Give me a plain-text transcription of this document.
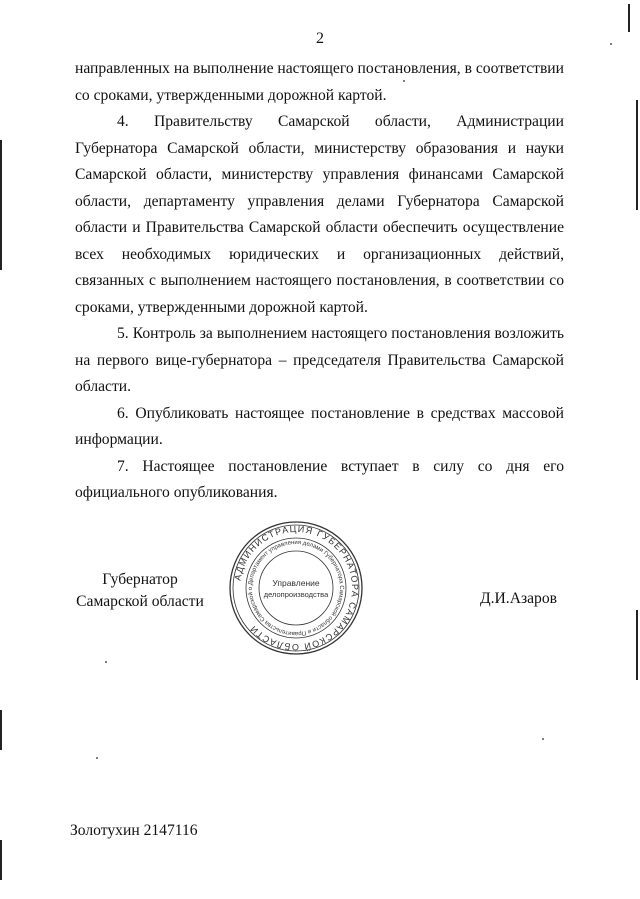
2

направленных на выполнение настоящего постановления, в соответствии со сроками, утвержденными дорожной картой.

4. Правительству Самарской области, Администрации Губернатора Самарской области, министерству образования и науки Самарской области, министерству управления финансами Самарской области, департаменту управления делами Губернатора Самарской области и Правительства Самарской области обеспечить осуществление всех необходимых юридических и организационных действий, связанных с выполнением настоящего постановления, в соответствии со сроками, утвержденными дорожной картой.

5. Контроль за выполнением настоящего постановления возложить на первого вице-губернатора – председателя Правительства Самарской области.

6. Опубликовать настоящее постановление в средствах массовой информации.

7. Настоящее постановление вступает в силу со дня его официального опубликования.

Губернатор
Самарской области
АДМИНИСТРАЦИЯ ГУБЕРНАТОРА САМАРСКОЙ ОБЛАСТИ
Департамент управления делами Губернатора Самарской области и Правительства Самарской о
Управление
делопроизводства	Д.И.Азаров
Золотухин 2147116
